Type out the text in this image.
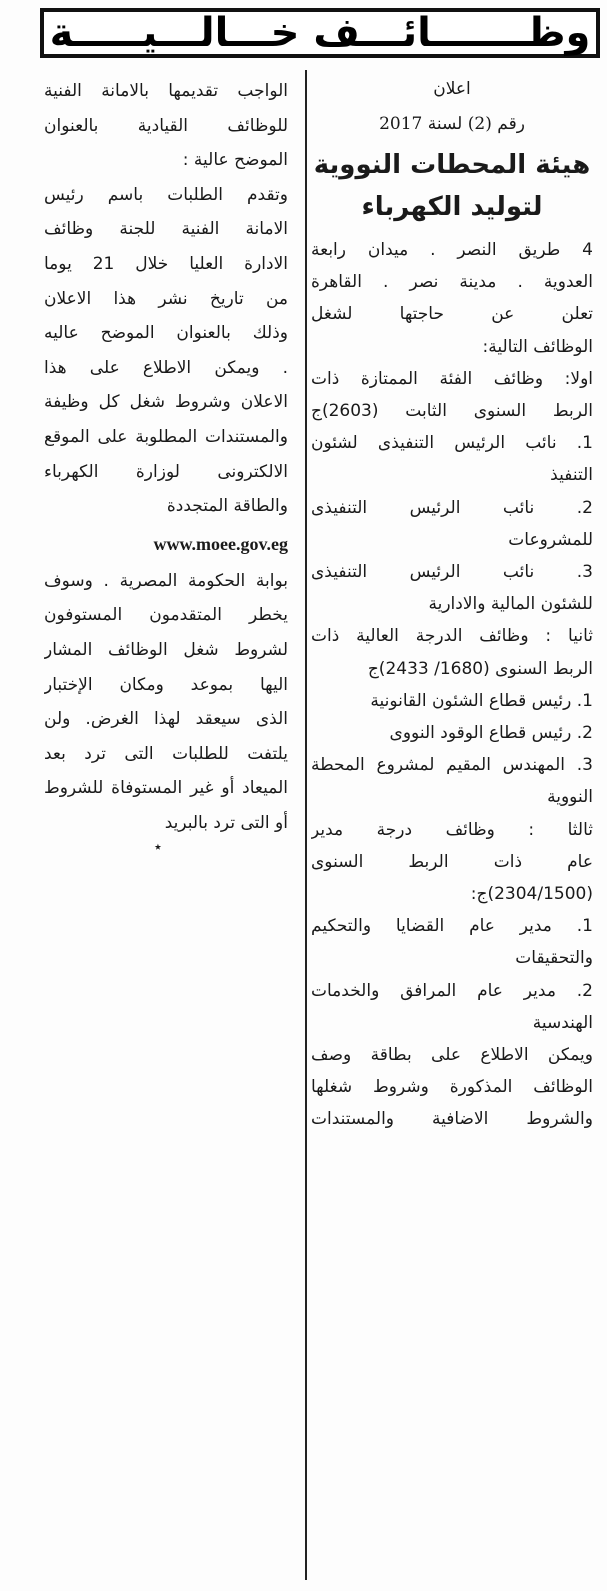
وظـــــــائـــف خـــالـــيـــــة
اعلان
رقم (2) لسنة 2017
هيئة المحطات النووية
لتوليد الكهرباء
4 طريق النصر . ميدان رابعة
العدوية . مدينة نصر . القاهرة
تعلن عن حاجتها لشغل
الوظائف التالية:
اولا: وظائف الفئة الممتازة ذات
الربط السنوى الثابت (2603)ج
1. نائب الرئيس التنفيذى لشئون
التنفيذ
2. نائب الرئيس التنفيذى
للمشروعات
3. نائب الرئيس التنفيذى
للشئون المالية والادارية
ثانيا : وظائف الدرجة العالية ذات
الربط السنوى (1680/ 2433)ج
1. رئيس قطاع الشئون القانونية
2. رئيس قطاع الوقود النووى
3. المهندس المقيم لمشروع المحطة
النووية
ثالثا : وظائف درجة مدير
عام ذات الربط السنوى
(2304/1500)ج:
1. مدير عام القضايا والتحكيم
والتحقيقات
2. مدير عام المرافق والخدمات
الهندسية
ويمكن الاطلاع على بطاقة وصف
الوظائف المذكورة وشروط شغلها
والشروط الاضافية والمستندات
الواجب تقديمها بالامانة الفنية
للوظائف القيادية بالعنوان
الموضح عالية :
وتقدم الطلبات باسم رئيس
الامانة الفنية للجنة وظائف
الادارة العليا خلال 21 يوما
من تاريخ نشر هذا الاعلان
وذلك بالعنوان الموضح عاليه
. ويمكن الاطلاع على هذا
الاعلان وشروط شغل كل وظيفة
والمستندات المطلوبة على الموقع
الالكترونى لوزارة الكهرباء
والطاقة المتجددة
www.moee.gov.eg
بوابة الحكومة المصرية . وسوف
يخطر المتقدمون المستوفون
لشروط شغل الوظائف المشار
اليها بموعد ومكان الإختبار
الذى سيعقد لهذا الغرض. ولن
يلتفت للطلبات التى ترد بعد
الميعاد أو غير المستوفاة للشروط
أو التى ترد بالبريد
٭
